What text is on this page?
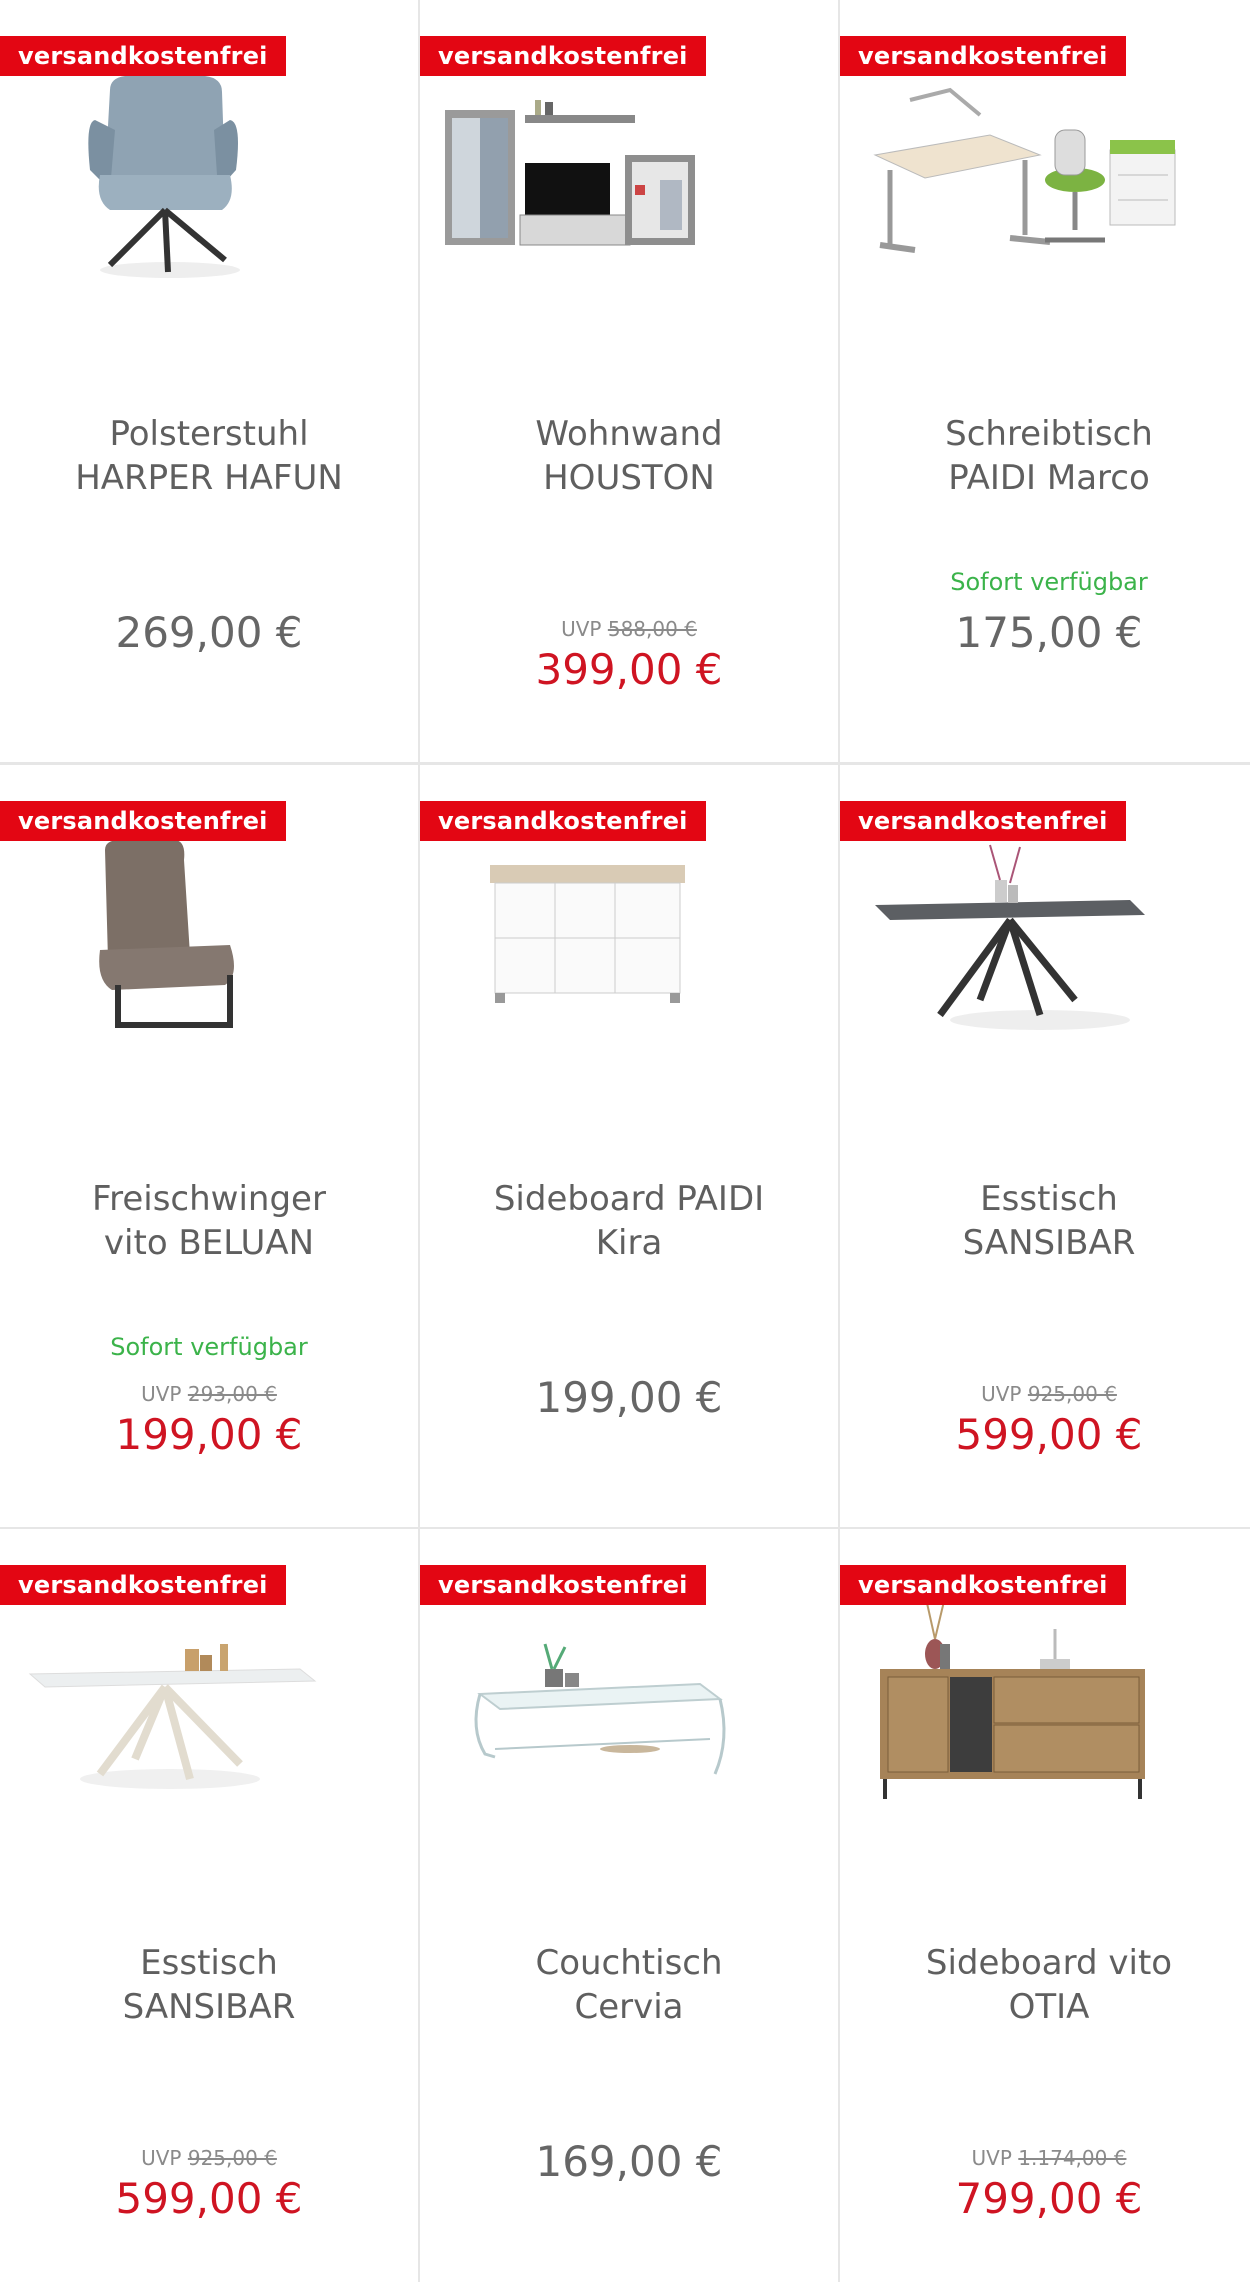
versandkostenfrei
Polsterstuhl
HARPER HAFUN
269,00 €
versandkostenfrei
Wohnwand
HOUSTON
UVP 588,00 €
399,00 €
versandkostenfrei
Schreibtisch
PAIDI Marco
Sofort verfügbar
175,00 €
versandkostenfrei
Freischwinger
vito BELUAN
Sofort verfügbar
UVP 293,00 €
199,00 €
versandkostenfrei
Sideboard PAIDI
Kira
199,00 €
versandkostenfrei
Esstisch
SANSIBAR
UVP 925,00 €
599,00 €
versandkostenfrei
Esstisch
SANSIBAR
UVP 925,00 €
599,00 €
versandkostenfrei
Couchtisch
Cervia
169,00 €
versandkostenfrei
Sideboard vito
OTIA
UVP 1.174,00 €
799,00 €
